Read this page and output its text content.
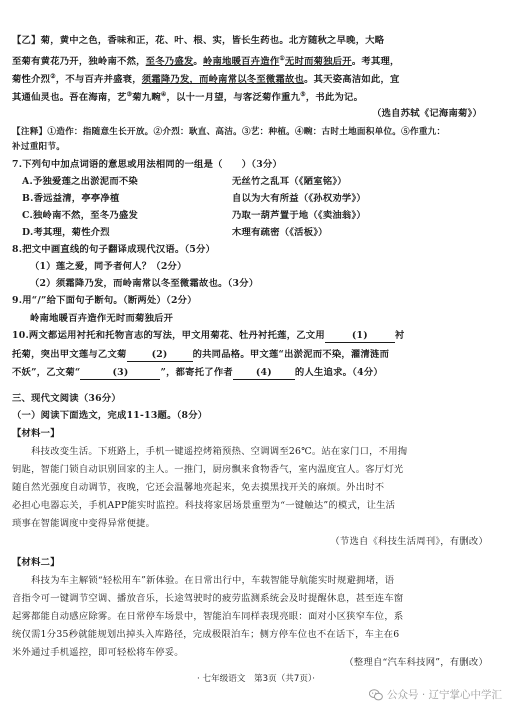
【乙】菊，黄中之色，香味和正，花、叶、根、实，皆长生药也。北方随秋之早晚，大略
至菊有黄花乃开，独岭南不然，至冬乃盛发。岭南地暖百卉造作①无时而菊独后开。考其理，
菊性介烈②，不与百卉并盛衰，须霜降乃发，而岭南常以冬至微霜故也。其天姿高洁如此，宜
其通仙灵也。吾在海南，艺③菊九畹④，以十一月望，与客泛菊作重九⑤，书此为记。
（选自苏轼《记海南菊》）
【注释】①造作：指随意生长开放。②介烈：耿直、高洁。③艺：种植。④畹：古时土地面积单位。⑤作重九：
补过重阳节。
7.下列句中加点词语的意思或用法相同的一组是（　　）（3分）
A.予独爱莲之出淤泥而不染	无丝竹之乱耳（《陋室铭》）
B.香远益清，亭亭净植	自以为大有所益（《孙权劝学》）
C.独岭南不然，至冬乃盛发	乃取一葫芦置于地（《卖油翁》）
D.考其理，菊性介烈	木理有疏密（《活板》）
8.把文中画直线的句子翻译成现代汉语。（5分）
（1）莲之爱，同予者何人？（2分）
（2）须霜降乃发，而岭南常以冬至微霜故也。（3分）
9.用“/”给下面句子断句。（断两处）（2分）
岭南地暖百卉造作无时而菊独后开
10.两文都运用衬托和托物言志的写法，甲文用菊花、牡丹衬托莲，乙文用	(1)	衬
托菊，突出甲文莲与乙文菊	(2)	的共同品格。甲文莲“出淤泥而不染，濯清涟而
不妖”，乙文菊“	(3)	”，都寄托了作者 (4) 的人生追求。（4分）
三、现代文阅读（36分）
（一）阅读下面选文，完成11-13题。（8分）
【材料一】
　　科技改变生活。下班路上，手机一键遥控烤箱预热、空调调至26℃。站在家门口，不用掏
钥匙，智能门锁自动识别回家的主人。一推门，厨房飘来食物香气，室内温度宜人。客厅灯光
随自然光强度自动调节，夜晚，它还会温馨地亮起来，免去摸黑找开关的麻烦。外出时不
必担心电器忘关，手机APP能实时监控。科技将家居场景重塑为“一键触达”的模式，让生活
琐事在智能调度中变得异常便捷。
（节选自《科技生活周刊》，有删改）
【材料二】
　　科技为车主解锁“轻松用车”新体验。在日常出行中，车载智能导航能实时规避拥堵，语
音指令可一键调节空调、播放音乐，长途驾驶时的疲劳监测系统会及时提醒休息，甚至连车窗
起雾都能自动感应除雾。在日常停车场景中，智能泊车同样表现亮眼：面对小区狭窄车位，系
统仅需1分35秒就能规划出掉头入库路径，完成极限泊车；侧方停车位也不在话下，车主在6
米外通过手机遥控，即可轻松将车停妥。
（整理自“汽车科技网”，有删改）
· 七年级语文　第3页（共7页）·
公众号 · 辽宁掌心中学汇
